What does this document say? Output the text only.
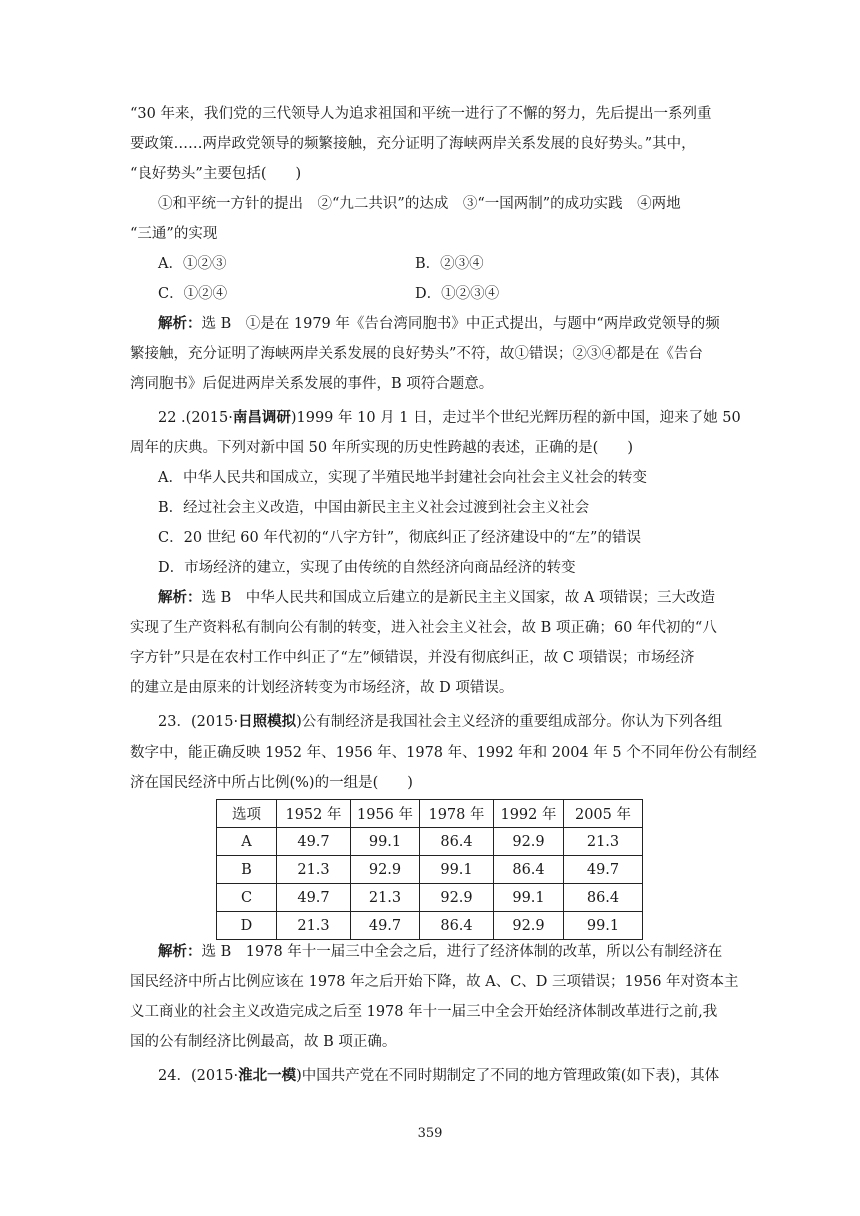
“30 年来，我们党的三代领导人为追求祖国和平统一进行了不懈的努力，先后提出一系列重
要政策……两岸政党领导的频繁接触，充分证明了海峡两岸关系发展的良好势头。”其中，
“良好势头”主要包括(　　)
①和平统一方针的提出　②“九二共识”的达成　③“一国两制”的成功实践　④两地
“三通”的实现
A．①②③	B．②③④
C．①②④	D．①②③④
解析：选 B　①是在 1979 年《告台湾同胞书》中正式提出，与题中“两岸政党领导的频
繁接触，充分证明了海峡两岸关系发展的良好势头”不符，故①错误；②③④都是在《告台
湾同胞书》后促进两岸关系发展的事件，B 项符合题意。
22 .(2015·南昌调研)1999 年 10 月 1 日，走过半个世纪光辉历程的新中国，迎来了她 50
周年的庆典。下列对新中国 50 年所实现的历史性跨越的表述，正确的是(　　)
A．中华人民共和国成立，实现了半殖民地半封建社会向社会主义社会的转变
B．经过社会主义改造，中国由新民主主义社会过渡到社会主义社会
C．20 世纪 60 年代初的“八字方针”，彻底纠正了经济建设中的“左”的错误
D．市场经济的建立，实现了由传统的自然经济向商品经济的转变
解析：选 B　中华人民共和国成立后建立的是新民主主义国家，故 A 项错误；三大改造
实现了生产资料私有制向公有制的转变，进入社会主义社会，故 B 项正确；60 年代初的“八
字方针”只是在农村工作中纠正了“左”倾错误，并没有彻底纠正，故 C 项错误；市场经济
的建立是由原来的计划经济转变为市场经济，故 D 项错误。
23．(2015·日照模拟)公有制经济是我国社会主义经济的重要组成部分。你认为下列各组
数字中，能正确反映 1952 年、1956 年、1978 年、1992 年和 2004 年 5 个不同年份公有制经
济在国民经济中所占比例(%)的一组是(　　)
选项	1952 年	1956 年	1978 年	1992 年	2005 年
A	49.7	99.1	86.4	92.9	21.3
B	21.3	92.9	99.1	86.4	49.7
C	49.7	21.3	92.9	99.1	86.4
D	21.3	49.7	86.4	92.9	99.1
解析：选 B　1978 年十一届三中全会之后，进行了经济体制的改革，所以公有制经济在
国民经济中所占比例应该在 1978 年之后开始下降，故 A、C、D 三项错误；1956 年对资本主
义工商业的社会主义改造完成之后至 1978 年十一届三中全会开始经济体制改革进行之前,我
国的公有制经济比例最高，故 B 项正确。
24．(2015·淮北一模)中国共产党在不同时期制定了不同的地方管理政策(如下表)，其体
359
